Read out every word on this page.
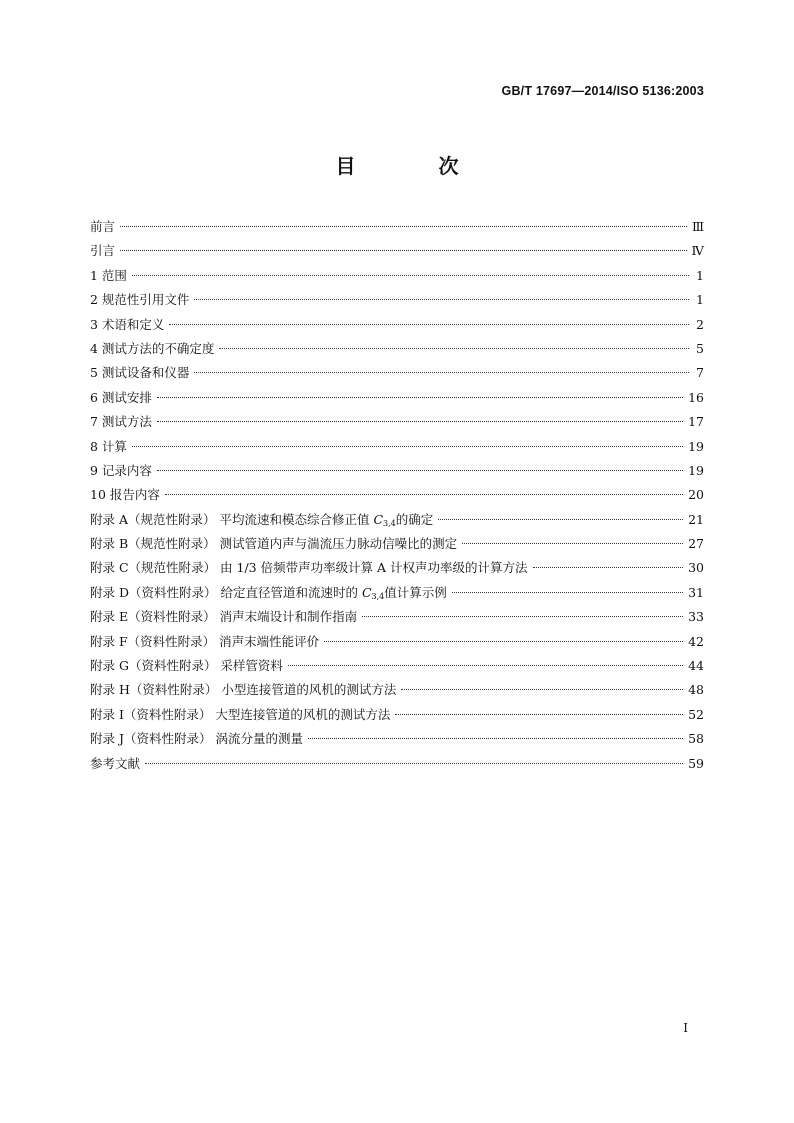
GB/T 17697—2014/ISO 5136:2003
目 次
前言	Ⅲ
引言	Ⅳ
1 范围	1
2 规范性引用文件	1
3 术语和定义	2
4 测试方法的不确定度	5
5 测试设备和仪器	7
6 测试安排	16
7 测试方法	17
8 计算	19
9 记录内容	19
10 报告内容	20
附录 A（规范性附录） 平均流速和模态综合修正值 $C_{3,4}$的确定	21
附录 B（规范性附录） 测试管道内声与湍流压力脉动信噪比的测定	27
附录 C（规范性附录） 由 1/3 倍频带声功率级计算 A 计权声功率级的计算方法	30
附录 D（资料性附录） 给定直径管道和流速时的 $C_{3,4}$值计算示例	31
附录 E（资料性附录） 消声末端设计和制作指南	33
附录 F（资料性附录） 消声末端性能评价	42
附录 G（资料性附录） 采样管资料	44
附录 H（资料性附录） 小型连接管道的风机的测试方法	48
附录 I（资料性附录） 大型连接管道的风机的测试方法	52
附录 J（资料性附录） 涡流分量的测量	58
参考文献	59
I
